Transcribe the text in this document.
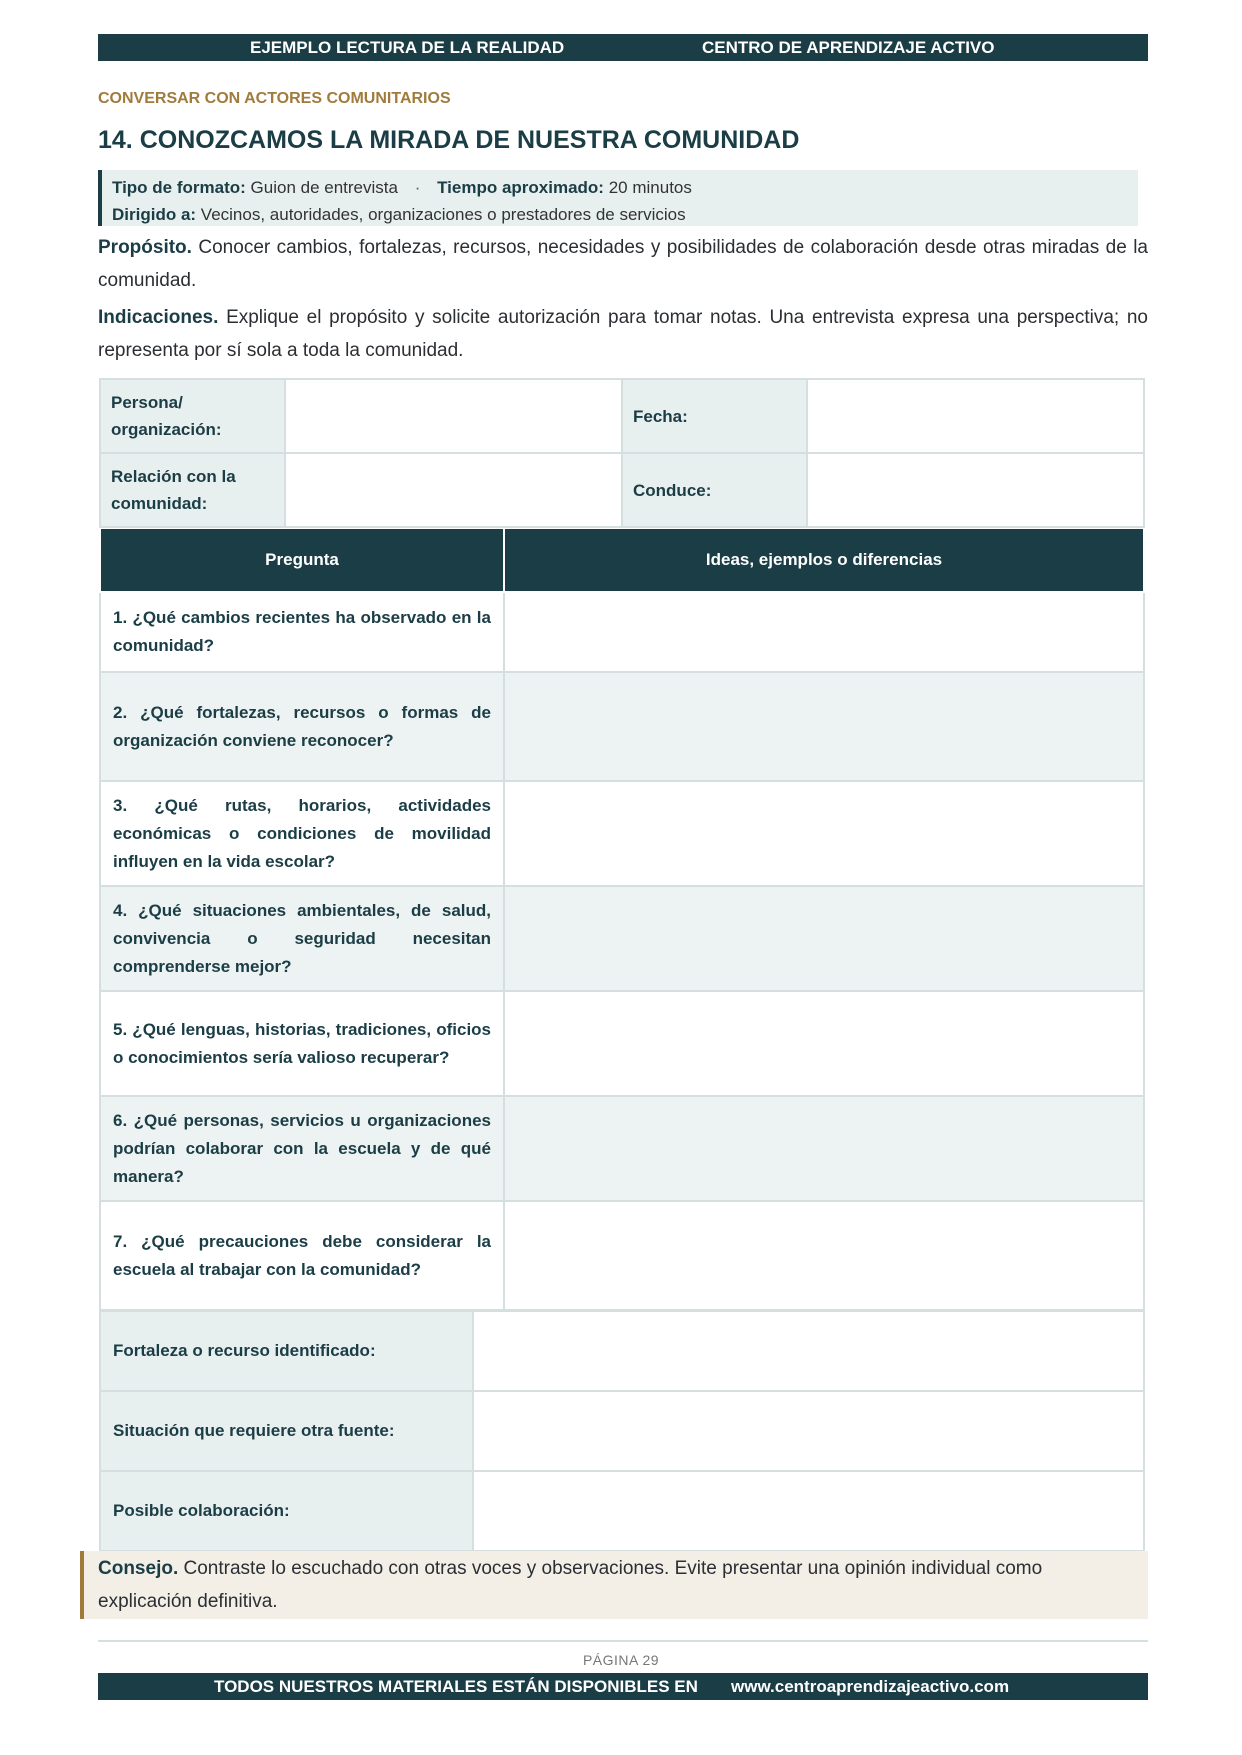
EJEMPLO LECTURA DE LA REALIDAD	CENTRO DE APRENDIZAJE ACTIVO
CONVERSAR CON ACTORES COMUNITARIOS
14. CONOZCAMOS LA MIRADA DE NUESTRA COMUNIDAD
Tipo de formato: Guion de entrevista · Tiempo aproximado: 20 minutos
Dirigido a: Vecinos, autoridades, organizaciones o prestadores de servicios
Propósito. Conocer cambios, fortalezas, recursos, necesidades y posibilidades de colaboración desde otras miradas de la comunidad.
Indicaciones. Explique el propósito y solicite autorización para tomar notas. Una entrevista expresa una perspectiva; no representa por sí sola a toda la comunidad.
Persona/ organización:		Fecha:	
Relación con la comunidad:		Conduce:	
Pregunta	Ideas, ejemplos o diferencias
1. ¿Qué cambios recientes ha observado en la comunidad?	
2. ¿Qué fortalezas, recursos o formas de organización conviene reconocer?	
3. ¿Qué rutas, horarios, actividades económicas o condiciones de movilidad influyen en la vida escolar?	
4. ¿Qué situaciones ambientales, de salud, convivencia o seguridad necesitan comprenderse mejor?	
5. ¿Qué lenguas, historias, tradiciones, oficios o conocimientos sería valioso recuperar?	
6. ¿Qué personas, servicios u organizaciones podrían colaborar con la escuela y de qué manera?	
7. ¿Qué precauciones debe considerar la escuela al trabajar con la comunidad?	
Fortaleza o recurso identificado:	
Situación que requiere otra fuente:	
Posible colaboración:	
Consejo. Contraste lo escuchado con otras voces y observaciones. Evite presentar una opinión individual como explicación definitiva.
PÁGINA 29
TODOS NUESTROS MATERIALES ESTÁN DISPONIBLES EN www.centroaprendizajeactivo.com
